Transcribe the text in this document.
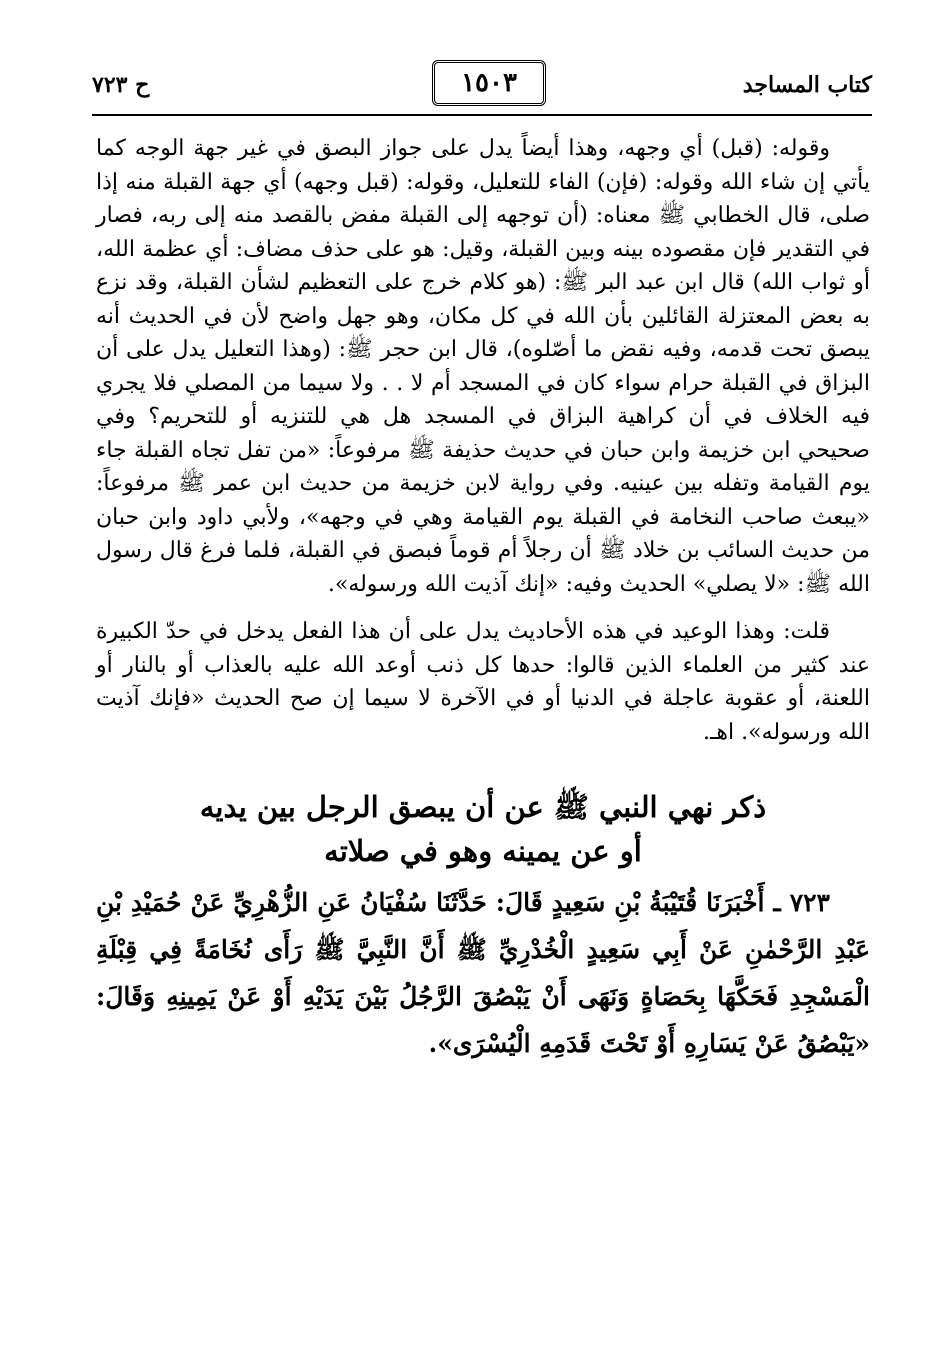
ح ٧٢٣	١٥٠٣	كتاب المساجد

وقوله: (قبل) أي وجهه، وهذا أيضاً يدل على جواز البصق في غير جهة الوجه كما يأتي إن شاء الله وقوله: (فإن) الفاء للتعليل، وقوله: (قبل وجهه) أي جهة القبلة منه إذا صلى، قال الخطابي ﷺ معناه: (أن توجهه إلى القبلة مفض بالقصد منه إلى ربه، فصار في التقدير فإن مقصوده بينه وبين القبلة، وقيل: هو على حذف مضاف: أي عظمة الله، أو ثواب الله) قال ابن عبد البر ﷺ: (هو كلام خرج على التعظيم لشأن القبلة، وقد نزع به بعض المعتزلة القائلين بأن الله في كل مكان، وهو جهل واضح لأن في الحديث أنه يبصق تحت قدمه، وفيه نقض ما أصّلوه)، قال ابن حجر ﷺ: (وهذا التعليل يدل على أن البزاق في القبلة حرام سواء كان في المسجد أم لا . . ولا سيما من المصلي فلا يجري فيه الخلاف في أن كراهية البزاق في المسجد هل هي للتنزيه أو للتحريم؟ وفي صحيحي ابن خزيمة وابن حبان في حديث حذيفة ﷺ مرفوعاً: «من تفل تجاه القبلة جاء يوم القيامة وتفله بين عينيه. وفي رواية لابن خزيمة من حديث ابن عمر ﷺ مرفوعاً: «يبعث صاحب النخامة في القبلة يوم القيامة وهي في وجهه»، ولأبي داود وابن حبان من حديث السائب بن خلاد ﷺ أن رجلاً أم قوماً فبصق في القبلة، فلما فرغ قال رسول الله ﷺ: «لا يصلي» الحديث وفيه: «إنك آذيت الله ورسوله».

قلت: وهذا الوعيد في هذه الأحاديث يدل على أن هذا الفعل يدخل في حدّ الكبيرة عند كثير من العلماء الذين قالوا: حدها كل ذنب أوعد الله عليه بالعذاب أو بالنار أو اللعنة، أو عقوبة عاجلة في الدنيا أو في الآخرة لا سيما إن صح الحديث «فإنك آذيت الله ورسوله». اهـ.

ذكر نهي النبي ﷺ عن أن يبصق الرجل بين يديه
أو عن يمينه وهو في صلاته

٧٢٣ ـ أَخْبَرَنَا قُتَيْبَةُ بْنِ سَعِيدٍ قَالَ: حَدَّثَنَا سُفْيَانُ عَنِ الزُّهْرِيِّ عَنْ حُمَيْدِ بْنِ عَبْدِ الرَّحْمٰنِ عَنْ أَبِي سَعِيدٍ الْخُدْرِيِّ ﷺ أَنَّ النَّبِيَّ ﷺ رَأَى نُخَامَةً فِي قِبْلَةِ الْمَسْجِدِ فَحَكَّهَا بِحَصَاةٍ وَنَهَى أَنْ يَبْصُقَ الرَّجُلُ بَيْنَ يَدَيْهِ أَوْ عَنْ يَمِينِهِ وَقَالَ: «يَبْصُقُ عَنْ يَسَارِهِ أَوْ تَحْتَ قَدَمِهِ الْيُسْرَى».
